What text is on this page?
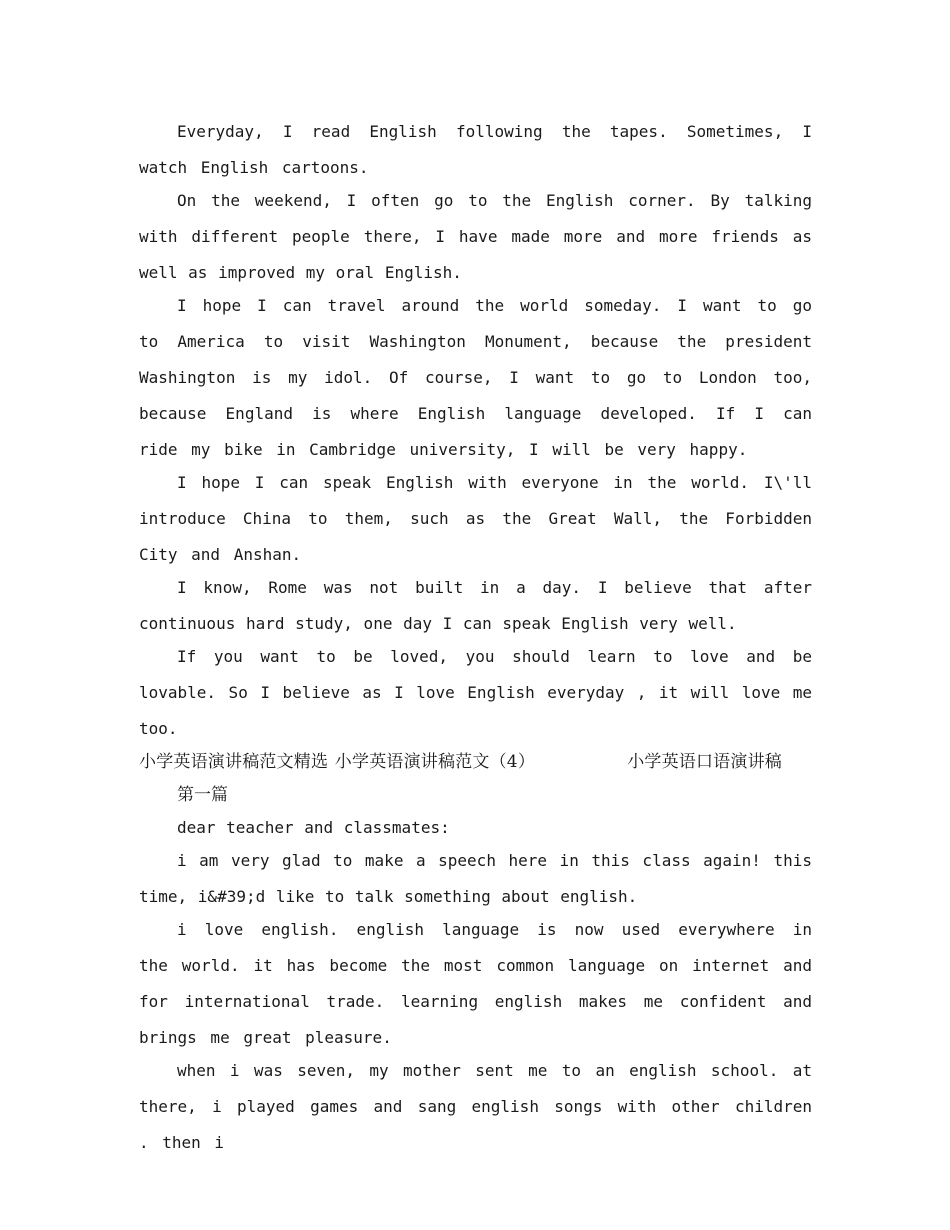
Everyday, I read English following the tapes. Sometimes, I watch English cartoons.

On the weekend, I often go to the English corner. By talking with different people there, I have made more and more friends as well as improved my oral English.

I hope I can travel around the world someday. I want to go to America to visit Washington Monument, because the president Washington is my idol. Of course, I want to go to London too, because England is where English language developed. If I can ride my bike in Cambridge university, I will be very happy.

I hope I can speak English with everyone in the world. I\'ll introduce China to them, such as the Great Wall, the Forbidden City and Anshan.

I know, Rome was not built in a day. I believe that after continuous hard study, one day I can speak English very well.

If you want to be loved, you should learn to love and be lovable. So I believe as I love English everyday , it will love me too.

小学英语演讲稿范文精选 小学英语演讲稿范文（4）	小学英语口语演讲稿

第一篇

dear teacher and classmates:

i am very glad to make a speech here in this class again! this time, i&#39;d like to talk something about english.

i love english. english language is now used everywhere in the world. it has become the most common language on internet and for international trade. learning english makes me confident and brings me great pleasure.

when i was seven, my mother sent me to an english school. at there, i played games and sang english songs with other children . then i
